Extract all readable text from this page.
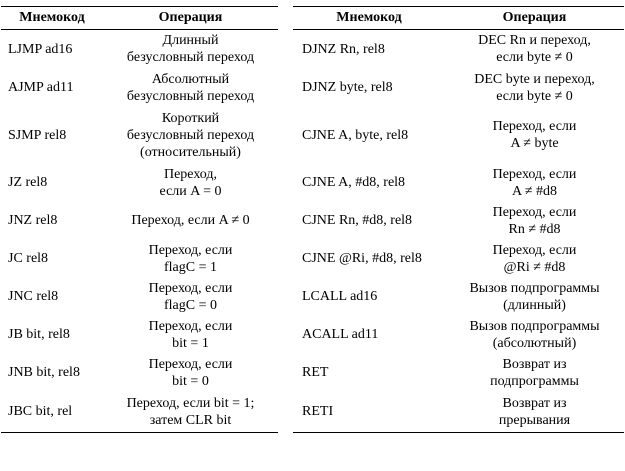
Мнемокод	Операция
LJMP ad16	Длинный
безусловный переход
AJMP ad11	Абсолютный
безусловный переход
SJMP rel8	Короткий
безусловный переход
(относительный)
JZ rel8	Переход,
если A = 0
JNZ rel8	Переход, если A ≠ 0
JC rel8	Переход, если
flagC = 1
JNC rel8	Переход, если
flagC = 0
JB bit, rel8	Переход, если
bit = 1
JNB bit, rel8	Переход, если
bit = 0
JBC bit, rel	Переход, если bit = 1;
затем CLR bit
Мнемокод	Операция
DJNZ Rn, rel8	DEC Rn и переход,
если byte ≠ 0
DJNZ byte, rel8	DEC byte и переход,
если byte ≠ 0
CJNE A, byte, rel8	Переход, если
A ≠ byte
CJNE A, #d8, rel8	Переход, если
A ≠ #d8
CJNE Rn, #d8, rel8	Переход, если
Rn ≠ #d8
CJNE @Ri, #d8, rel8	Переход, если
@Ri ≠ #d8
LCALL ad16	Вызов подпрограммы
(длинный)
ACALL ad11	Вызов подпрограммы
(абсолютный)
RET	Возврат из
подпрограммы
RETI	Возврат из
прерывания
